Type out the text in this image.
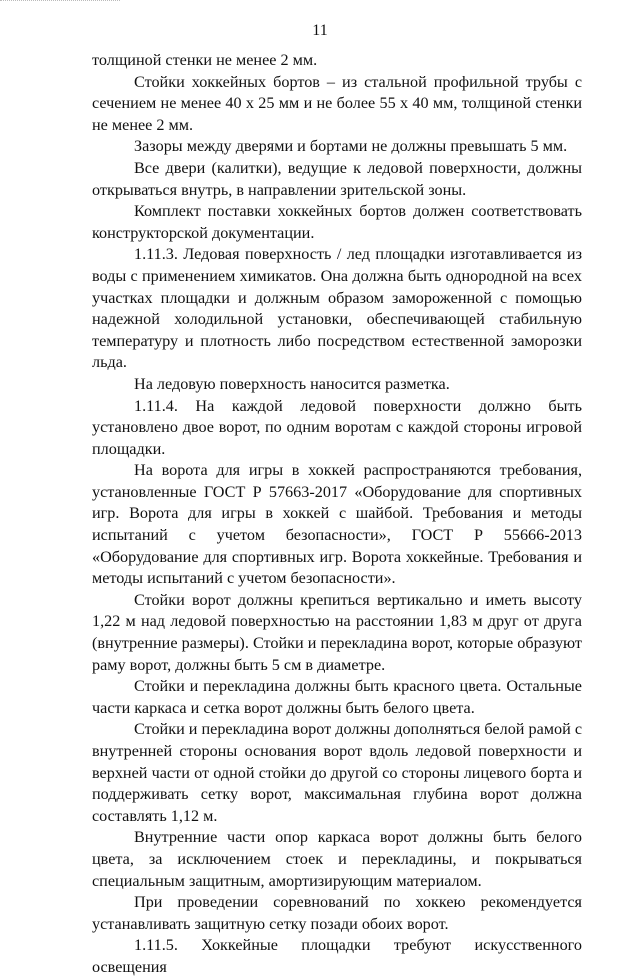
11

толщиной стенки не менее 2 мм.

Стойки хоккейных бортов – из стальной профильной трубы с сечением не менее 40 х 25 мм и не более 55 х 40 мм, толщиной стенки не менее 2 мм.

Зазоры между дверями и бортами не должны превышать 5 мм.

Все двери (калитки), ведущие к ледовой поверхности, должны открываться внутрь, в направлении зрительской зоны.

Комплект поставки хоккейных бортов должен соответствовать конструкторской документации.

1.11.3. Ледовая поверхность / лед площадки изготавливается из воды с применением химикатов. Она должна быть однородной на всех участках площадки и должным образом замороженной с помощью надежной холодильной установки, обеспечивающей стабильную температуру и плотность либо посредством естественной заморозки льда.

На ледовую поверхность наносится разметка.

1.11.4. На каждой ледовой поверхности должно быть установлено двое ворот, по одним воротам с каждой стороны игровой площадки.

На ворота для игры в хоккей распространяются требования, установленные ГОСТ Р 57663-2017 «Оборудование для спортивных игр. Ворота для игры в хоккей с шайбой. Требования и методы испытаний с учетом безопасности», ГОСТ Р 55666-2013 «Оборудование для спортивных игр. Ворота хоккейные. Требования и методы испытаний с учетом безопасности».

Стойки ворот должны крепиться вертикально и иметь высоту 1,22 м над ледовой поверхностью на расстоянии 1,83 м друг от друга (внутренние размеры). Стойки и перекладина ворот, которые образуют раму ворот, должны быть 5 см в диаметре.

Стойки и перекладина должны быть красного цвета. Остальные части каркаса и сетка ворот должны быть белого цвета.

Стойки и перекладина ворот должны дополняться белой рамой с внутренней стороны основания ворот вдоль ледовой поверхности и верхней части от одной стойки до другой со стороны лицевого борта и поддерживать сетку ворот, максимальная глубина ворот должна составлять 1,12 м.

Внутренние части опор каркаса ворот должны быть белого цвета, за исключением стоек и перекладины, и покрываться специальным защитным, амортизирующим материалом.

При проведении соревнований по хоккею рекомендуется устанавливать защитную сетку позади обоих ворот.

1.11.5. Хоккейные площадки требуют искусственного освещения
